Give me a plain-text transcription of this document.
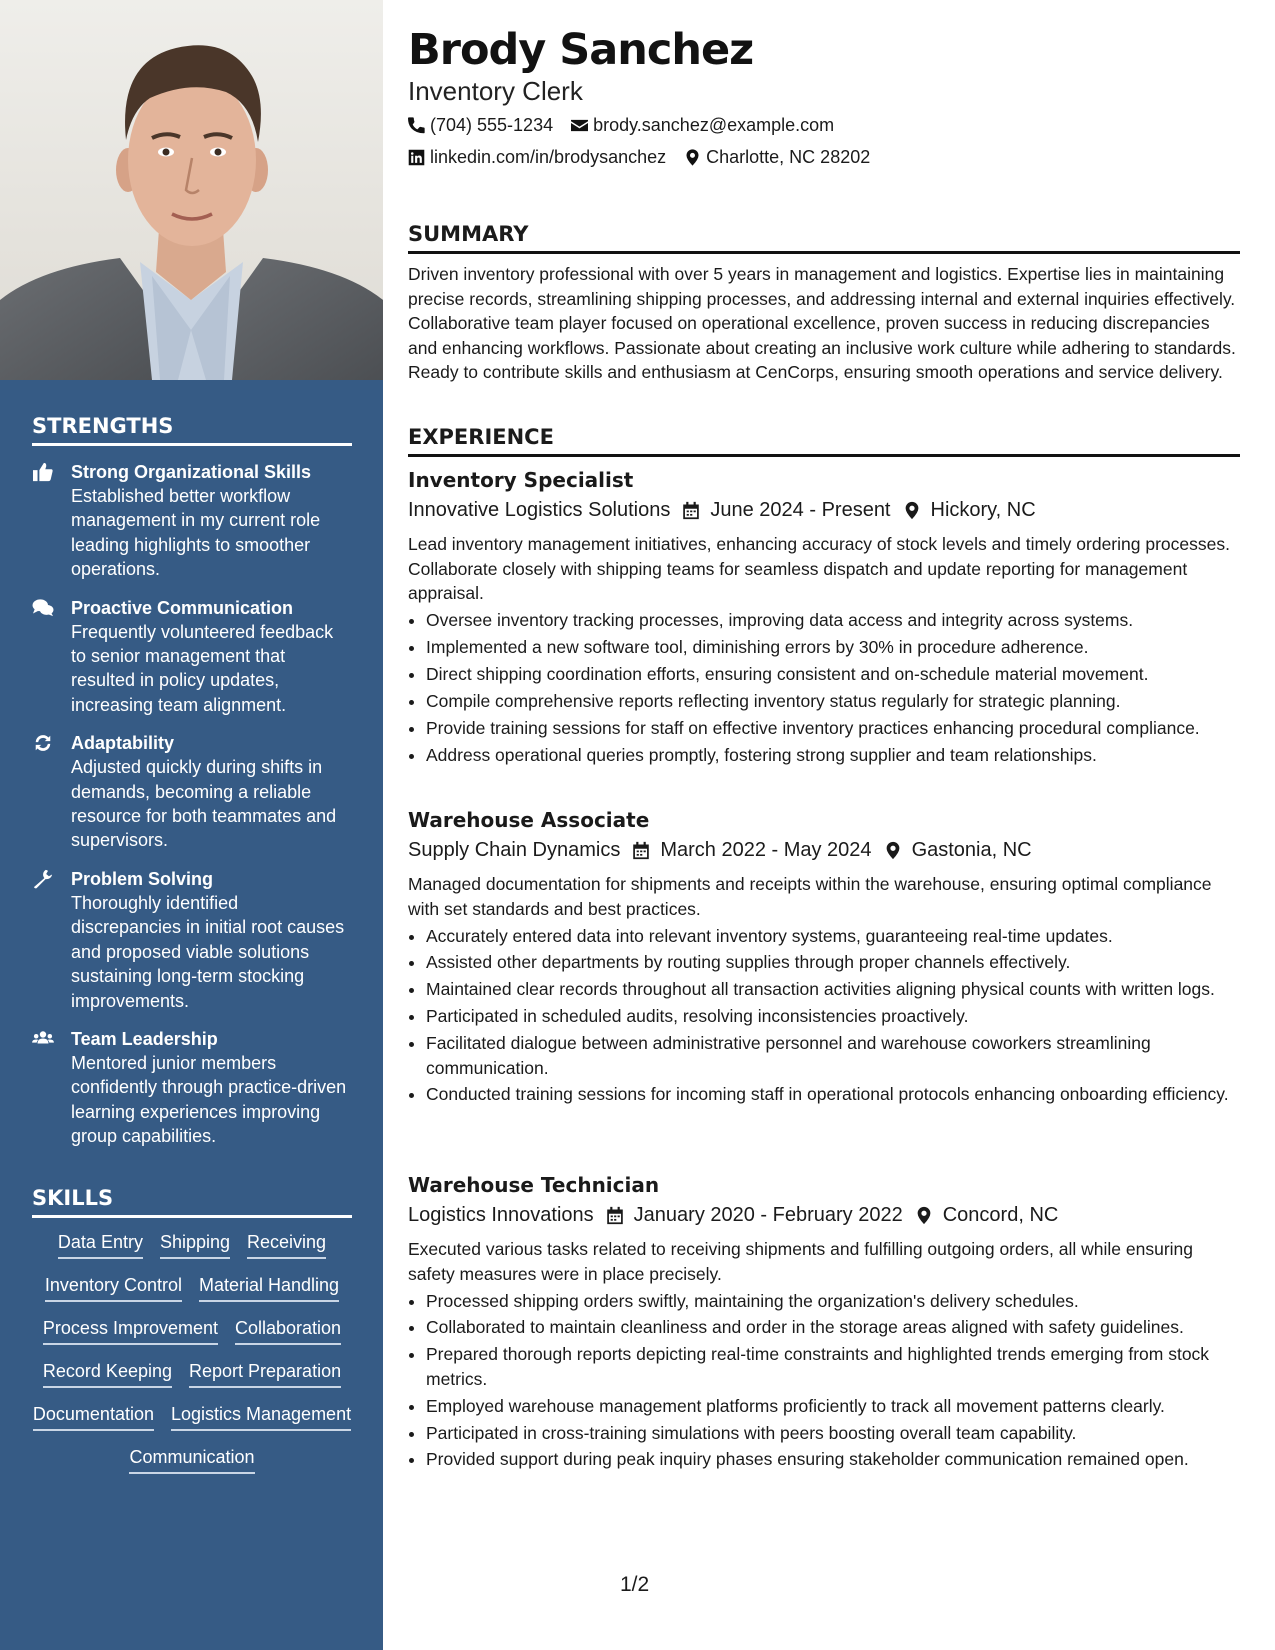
STRENGTHS
Strong Organizational Skills
Established better workflow management in my current role leading highlights to smoother operations.
Proactive Communication
Frequently volunteered feedback to senior management that resulted in policy updates, increasing team alignment.
Adaptability
Adjusted quickly during shifts in demands, becoming a reliable resource for both teammates and supervisors.
Problem Solving
Thoroughly identified discrepancies in initial root causes and proposed viable solutions sustaining long-term stocking improvements.
Team Leadership
Mentored junior members confidently through practice-driven learning experiences improving group capabilities.
SKILLS
Data Entry Shipping Receiving
Inventory Control Material Handling
Process Improvement Collaboration
Record Keeping Report Preparation
Documentation Logistics Management
Communication
Brody Sanchez
Inventory Clerk
(704) 555-1234 brody.sanchez@example.com
linkedin.com/in/brodysanchez Charlotte, NC 28202
SUMMARY
Driven inventory professional with over 5 years in management and logistics. Expertise lies in maintaining precise records, streamlining shipping processes, and addressing internal and external inquiries effectively. Collaborative team player focused on operational excellence, proven success in reducing discrepancies and enhancing workflows. Passionate about creating an inclusive work culture while adhering to standards. Ready to contribute skills and enthusiasm at CenCorps, ensuring smooth operations and service delivery.
EXPERIENCE
Inventory Specialist
Innovative Logistics Solutions June 2024 - Present Hickory, NC
Lead inventory management initiatives, enhancing accuracy of stock levels and timely ordering processes. Collaborate closely with shipping teams for seamless dispatch and update reporting for management appraisal.
• Oversee inventory tracking processes, improving data access and integrity across systems.
• Implemented a new software tool, diminishing errors by 30% in procedure adherence.
• Direct shipping coordination efforts, ensuring consistent and on-schedule material movement.
• Compile comprehensive reports reflecting inventory status regularly for strategic planning.
• Provide training sessions for staff on effective inventory practices enhancing procedural compliance.
• Address operational queries promptly, fostering strong supplier and team relationships.
Warehouse Associate
Supply Chain Dynamics March 2022 - May 2024 Gastonia, NC
Managed documentation for shipments and receipts within the warehouse, ensuring optimal compliance with set standards and best practices.
• Accurately entered data into relevant inventory systems, guaranteeing real-time updates.
• Assisted other departments by routing supplies through proper channels effectively.
• Maintained clear records throughout all transaction activities aligning physical counts with written logs.
• Participated in scheduled audits, resolving inconsistencies proactively.
• Facilitated dialogue between administrative personnel and warehouse coworkers streamlining communication.
• Conducted training sessions for incoming staff in operational protocols enhancing onboarding efficiency.
Warehouse Technician
Logistics Innovations January 2020 - February 2022 Concord, NC
Executed various tasks related to receiving shipments and fulfilling outgoing orders, all while ensuring safety measures were in place precisely.
• Processed shipping orders swiftly, maintaining the organization's delivery schedules.
• Collaborated to maintain cleanliness and order in the storage areas aligned with safety guidelines.
• Prepared thorough reports depicting real-time constraints and highlighted trends emerging from stock metrics.
• Employed warehouse management platforms proficiently to track all movement patterns clearly.
• Participated in cross-training simulations with peers boosting overall team capability.
• Provided support during peak inquiry phases ensuring stakeholder communication remained open.
1/2
